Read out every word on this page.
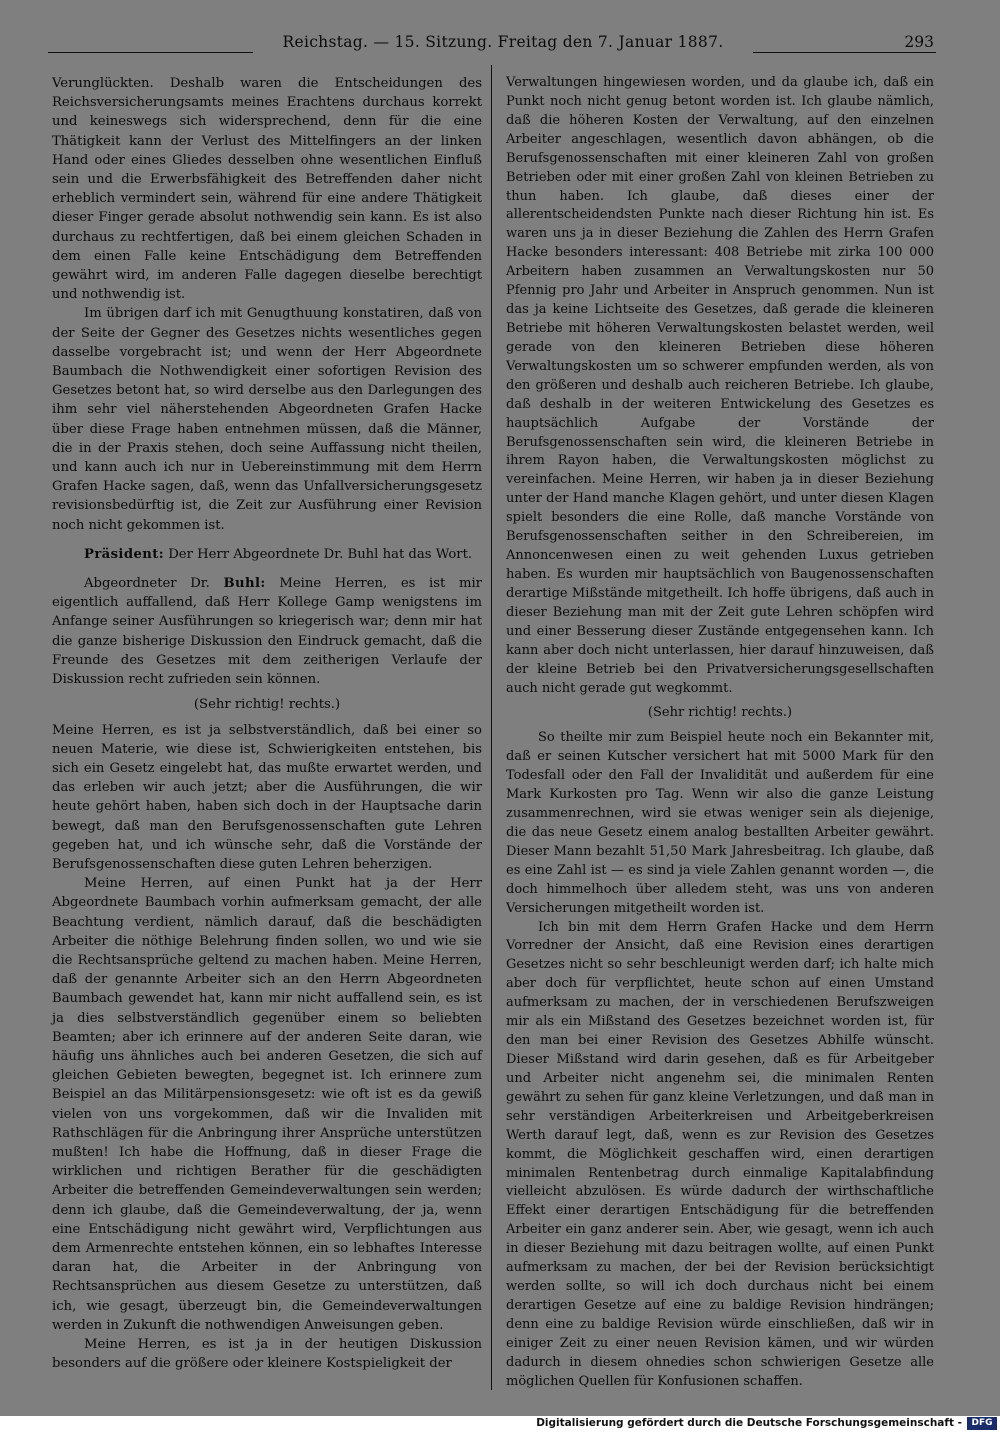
Reichstag. — 15. Sitzung. Freitag den 7. Januar 1887.	293

Verunglückten. Deshalb waren die Entscheidungen des Reichsversicherungsamts meines Erachtens durchaus korrekt und keineswegs sich widersprechend, denn für die eine Thätigkeit kann der Verlust des Mittelfingers an der linken Hand oder eines Gliedes desselben ohne wesentlichen Einfluß sein und die Erwerbsfähigkeit des Betreffenden daher nicht erheblich vermindert sein, während für eine andere Thätigkeit dieser Finger gerade absolut nothwendig sein kann. Es ist also durchaus zu rechtfertigen, daß bei einem gleichen Schaden in dem einen Falle keine Entschädigung dem Betreffenden gewährt wird, im anderen Falle dagegen dieselbe berechtigt und nothwendig ist.

Im übrigen darf ich mit Genugthuung konstatiren, daß von der Seite der Gegner des Gesetzes nichts wesentliches gegen dasselbe vorgebracht ist; und wenn der Herr Abgeordnete Baumbach die Nothwendigkeit einer sofortigen Revision des Gesetzes betont hat, so wird derselbe aus den Darlegungen des ihm sehr viel näherstehenden Abgeordneten Grafen Hacke über diese Frage haben entnehmen müssen, daß die Männer, die in der Praxis stehen, doch seine Auffassung nicht theilen, und kann auch ich nur in Uebereinstimmung mit dem Herrn Grafen Hacke sagen, daß, wenn das Unfallversicherungsgesetz revisionsbedürftig ist, die Zeit zur Ausführung einer Revision noch nicht gekommen ist.

Präsident: Der Herr Abgeordnete Dr. Buhl hat das Wort.

Abgeordneter Dr. Buhl: Meine Herren, es ist mir eigentlich auffallend, daß Herr Kollege Gamp wenigstens im Anfange seiner Ausführungen so kriegerisch war; denn mir hat die ganze bisherige Diskussion den Eindruck gemacht, daß die Freunde des Gesetzes mit dem zeitherigen Verlaufe der Diskussion recht zufrieden sein können.

(Sehr richtig! rechts.)

Meine Herren, es ist ja selbstverständlich, daß bei einer so neuen Materie, wie diese ist, Schwierigkeiten entstehen, bis sich ein Gesetz eingelebt hat, das mußte erwartet werden, und das erleben wir auch jetzt; aber die Ausführungen, die wir heute gehört haben, haben sich doch in der Hauptsache darin bewegt, daß man den Berufsgenossenschaften gute Lehren gegeben hat, und ich wünsche sehr, daß die Vorstände der Berufsgenossenschaften diese guten Lehren beherzigen.

Meine Herren, auf einen Punkt hat ja der Herr Abgeordnete Baumbach vorhin aufmerksam gemacht, der alle Beachtung verdient, nämlich darauf, daß die beschädigten Arbeiter die nöthige Belehrung finden sollen, wo und wie sie die Rechtsansprüche geltend zu machen haben. Meine Herren, daß der genannte Arbeiter sich an den Herrn Abgeordneten Baumbach gewendet hat, kann mir nicht auffallend sein, es ist ja dies selbstverständlich gegenüber einem so beliebten Beamten; aber ich erinnere auf der anderen Seite daran, wie häufig uns ähnliches auch bei anderen Gesetzen, die sich auf gleichen Gebieten bewegten, begegnet ist. Ich erinnere zum Beispiel an das Militärpensionsgesetz: wie oft ist es da gewiß vielen von uns vorgekommen, daß wir die Invaliden mit Rathschlägen für die Anbringung ihrer Ansprüche unterstützen mußten! Ich habe die Hoffnung, daß in dieser Frage die wirklichen und richtigen Berather für die geschädigten Arbeiter die betreffenden Gemeindeverwaltungen sein werden; denn ich glaube, daß die Gemeindeverwaltung, der ja, wenn eine Entschädigung nicht gewährt wird, Verpflichtungen aus dem Armenrechte entstehen können, ein so lebhaftes Interesse daran hat, die Arbeiter in der Anbringung von Rechtsansprüchen aus diesem Gesetze zu unterstützen, daß ich, wie gesagt, überzeugt bin, die Gemeindeverwaltungen werden in Zukunft die nothwendigen Anweisungen geben.

Meine Herren, es ist ja in der heutigen Diskussion besonders auf die größere oder kleinere Kostspieligkeit der

Verwaltungen hingewiesen worden, und da glaube ich, daß ein Punkt noch nicht genug betont worden ist. Ich glaube nämlich, daß die höheren Kosten der Verwaltung, auf den einzelnen Arbeiter angeschlagen, wesentlich davon abhängen, ob die Berufsgenossenschaften mit einer kleineren Zahl von großen Betrieben oder mit einer großen Zahl von kleinen Betrieben zu thun haben. Ich glaube, daß dieses einer der allerentscheidendsten Punkte nach dieser Richtung hin ist. Es waren uns ja in dieser Beziehung die Zahlen des Herrn Grafen Hacke besonders interessant: 408 Betriebe mit zirka 100 000 Arbeitern haben zusammen an Verwaltungskosten nur 50 Pfennig pro Jahr und Arbeiter in Anspruch genommen. Nun ist das ja keine Lichtseite des Gesetzes, daß gerade die kleineren Betriebe mit höheren Verwaltungskosten belastet werden, weil gerade von den kleineren Betrieben diese höheren Verwaltungskosten um so schwerer empfunden werden, als von den größeren und deshalb auch reicheren Betriebe. Ich glaube, daß deshalb in der weiteren Entwickelung des Gesetzes es hauptsächlich Aufgabe der Vorstände der Berufsgenossenschaften sein wird, die kleineren Betriebe in ihrem Rayon haben, die Verwaltungskosten möglichst zu vereinfachen. Meine Herren, wir haben ja in dieser Beziehung unter der Hand manche Klagen gehört, und unter diesen Klagen spielt besonders die eine Rolle, daß manche Vorstände von Berufsgenossenschaften seither in den Schreibereien, im Annoncenwesen einen zu weit gehenden Luxus getrieben haben. Es wurden mir hauptsächlich von Baugenossenschaften derartige Mißstände mitgetheilt. Ich hoffe übrigens, daß auch in dieser Beziehung man mit der Zeit gute Lehren schöpfen wird und einer Besserung dieser Zustände entgegensehen kann. Ich kann aber doch nicht unterlassen, hier darauf hinzuweisen, daß der kleine Betrieb bei den Privatversicherungsgesellschaften auch nicht gerade gut wegkommt.

(Sehr richtig! rechts.)

So theilte mir zum Beispiel heute noch ein Bekannter mit, daß er seinen Kutscher versichert hat mit 5000 Mark für den Todesfall oder den Fall der Invalidität und außerdem für eine Mark Kurkosten pro Tag. Wenn wir also die ganze Leistung zusammenrechnen, wird sie etwas weniger sein als diejenige, die das neue Gesetz einem analog bestallten Arbeiter gewährt. Dieser Mann bezahlt 51,50 Mark Jahresbeitrag. Ich glaube, daß es eine Zahl ist — es sind ja viele Zahlen genannt worden —, die doch himmelhoch über alledem steht, was uns von anderen Versicherungen mitgetheilt worden ist.

Ich bin mit dem Herrn Grafen Hacke und dem Herrn Vorredner der Ansicht, daß eine Revision eines derartigen Gesetzes nicht so sehr beschleunigt werden darf; ich halte mich aber doch für verpflichtet, heute schon auf einen Umstand aufmerksam zu machen, der in verschiedenen Berufszweigen mir als ein Mißstand des Gesetzes bezeichnet worden ist, für den man bei einer Revision des Gesetzes Abhilfe wünscht. Dieser Mißstand wird darin gesehen, daß es für Arbeitgeber und Arbeiter nicht angenehm sei, die minimalen Renten gewährt zu sehen für ganz kleine Verletzungen, und daß man in sehr verständigen Arbeiterkreisen und Arbeitgeberkreisen Werth darauf legt, daß, wenn es zur Revision des Gesetzes kommt, die Möglichkeit geschaffen wird, einen derartigen minimalen Rentenbetrag durch einmalige Kapitalabfindung vielleicht abzulösen. Es würde dadurch der wirthschaftliche Effekt einer derartigen Entschädigung für die betreffenden Arbeiter ein ganz anderer sein. Aber, wie gesagt, wenn ich auch in dieser Beziehung mit dazu beitragen wollte, auf einen Punkt aufmerksam zu machen, der bei der Revision berücksichtigt werden sollte, so will ich doch durchaus nicht bei einem derartigen Gesetze auf eine zu baldige Revision hindrängen; denn eine zu baldige Revision würde einschließen, daß wir in einiger Zeit zu einer neuen Revision kämen, und wir würden dadurch in diesem ohnedies schon schwierigen Gesetze alle möglichen Quellen für Konfusionen schaffen.

Digitalisierung gefördert durch die Deutsche Forschungsgemeinschaft -	DFG
